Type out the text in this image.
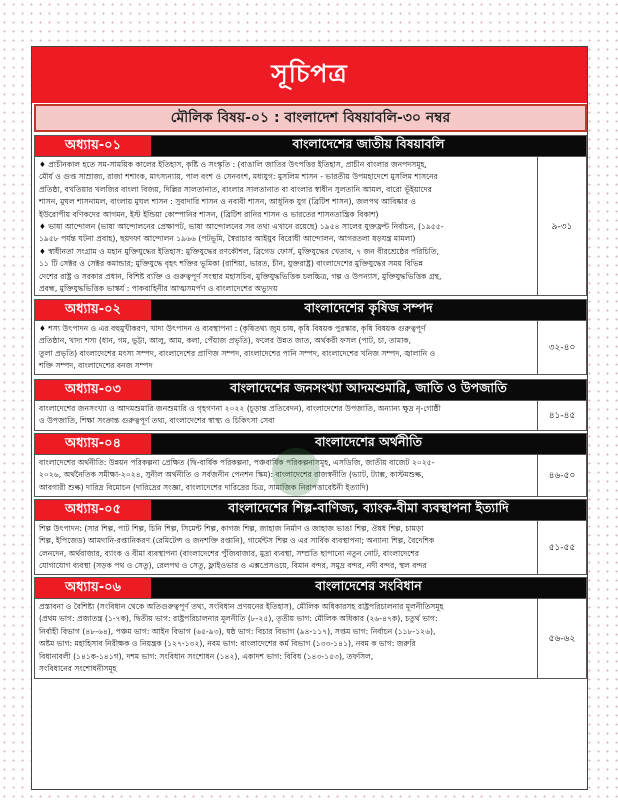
সূচিপত্র
মৌলিক বিষয়-০১ : বাংলাদেশ বিষয়াবলি-৩০ নম্বর
অধ্যায়-০১	বাংলাদেশের জাতীয় বিষয়াবলি

♦ প্রাচীনকাল হতে সম-সাময়িক কালের ইতিহাস, কৃষ্টি ও সংস্কৃতি : (বাঙালি জাতির উৎপত্তির ইতিহাস, প্রাচীন বাংলার জনপদসমূহ,

মৌর্য ও গুপ্ত সাম্রাজ্য, রাজা শশাংক, মাৎস্যন্যায়, পাল বংশ ও সেনবংশ, মধ্যযুগ: মুসলিম শাসন - ভারতীয় উপমহাদেশে মুসলিম শাসনের

প্রতিষ্ঠা, বখতিয়ার খলজির বাংলা বিজয়, দিল্লির সালতানাত, বাংলার সালতানাত বা বাংলার স্বাধীন সুলতানি আমল, বারো ভূঁইয়াদের

শাসন, মুঘল শাসনামল, বাংলায় মুঘল শাসন : সুবাদারি শাসন ও নবাবী শাসন, আধুনিক যুগ (ব্রিটিশ শাসন), জলপথ আবিষ্কার ও

ইউরোপীয় বণিকদের আগমন, ইস্ট ইন্ডিয়া কোম্পানির শাসন, (ব্রিটিশ রানির শাসন ও ভারতের শাসনতান্ত্রিক বিকাশ)

♦ ভাষা আন্দোলন (ভাষা আন্দোলনের প্রেক্ষাপট, ভাষা আন্দোলনের সব তথ্য এখানে রয়েছে) ১৯৫৪ সালের যুক্তফ্রন্ট নির্বাচন, (১৯৫৫-

১৯৫৮ পর্যন্ত ঘটনা প্রবাহ), ছয়দফা আন্দোলন ১৯৬৬ (পটভূমি, স্বৈরাচার আইয়ুব বিরোধী আন্দোলন, আগরতলা ষড়যন্ত্র মামলা)

♦ স্বাধীনতা সংগ্রাম ও মহান মুক্তিযুদ্ধের ইতিহাস: মুক্তিযুদ্ধের রণকৌশল, ব্রিগেড ফোর্স, মুক্তিযুদ্ধের খেতাব, ৭ জন বীরশ্রেষ্ঠের পরিচিতি,

১১ টি সেক্টর ও সেক্টর কমান্ডার; মুক্তিযুদ্ধে বৃহৎ শক্তির ভূমিকা (রাশিয়া, ভারত, চীন, যুক্তরাষ্ট্র) বাংলাদেশের মুক্তিযুদ্ধের সময় বিভিন্ন

দেশের রাষ্ট্র ও সরকার প্রধান, বিশিষ্ট ব্যক্তি ও গুরুত্বপূর্ণ সংস্থার মহাসচিব, মুক্তিযুদ্ধভিত্তিক চলচ্চিত্র, গল্প ও উপন্যাস, মুক্তিযুদ্ধভিত্তিক গ্রন্থ,

প্রবন্ধ, মুক্তিযুদ্ধভিত্তিক ভাস্কর্য : পাকবাহিনীর আত্মসমর্পণ ও বাংলাদেশের অভ্যুদয়

৯-৩১
অধ্যায়-০২	বাংলাদেশের কৃষিজ সম্পদ

♦ শস্য উৎপাদন ও এর বহুমুখীকরণ, খাদ্য উৎপাদন ও ব্যবস্থাপনা : (কৃষিতথ্য জুম চাষ, কৃষি বিষয়ক পুরস্কার, কৃষি বিষয়ক গুরুত্বপূর্ণ

প্রতিষ্ঠান, খাদ্য শস্য (ধান, গম, ভুট্টা, আলু, আম, কলা, পেঁয়াজ প্রভৃতি), ফলের উন্নত জাত, অর্থকরী ফসল (পাট, চা, তামাক,

তুলা প্রভৃতি) বাংলাদেশের মৎস্য সম্পদ, বাংলাদেশের প্রাণিজ সম্পদ, বাংলাদেশের পানি সম্পদ, বাংলাদেশের খনিজ সম্পদ, জ্বালানি ও

শক্তি সম্পদ, বাংলাদেশের বনজ সম্পদ

৩২-৪০
অধ্যায়-০৩	বাংলাদেশের জনসংখ্যা আদমশুমারি, জাতি ও উপজাতি

বাংলাদেশের জনসংখ্যা ও আদমশুমারি জনশুমারি ও গৃহগণনা ২০২২ (চূড়ান্ত প্রতিবেদন), বাংলাদেশের উপজাতি, অন্যান্য ক্ষুদ্র নৃ-গোষ্ঠী

ও উপজাতি, শিক্ষা সংক্রান্ত গুরুত্বপূর্ণ তথ্য, বাংলাদেশের স্বাস্থ্য ও চিকিৎসা সেবা	৪১-৪৫
অধ্যায়-০৪	বাংলাদেশের অর্থনীতি

বাংলাদেশের অর্থনীতি: উন্নয়ন পরিকল্পনা প্রেক্ষিত (দ্বি-বার্ষিক পরিকল্পনা, পঞ্চবার্ষিক পরিকল্পনাসমূহ, এসডিজি, জাতীয় বাজেট ২০২৫-

২০২৬, অর্থনৈতিক সমীক্ষা-২০২৪, সুনীল অর্থনীতি ও সর্বজনীন পেনশন স্কিম): বাংলাদেশের রাজস্বনীতি (ভ্যাট, ট্যাক্স, কাস্টমশুল্ক,

আবগারী শুল্ক) দারিদ্র বিমোচন (দারিদ্রের সংজ্ঞা, বাংলাদেশের দারিদ্রের চিত্র, সামাজিক নিরাপত্তাবেষ্টনী ইত্যাদি)

৪৬-৫০
অধ্যায়-০৫	বাংলাদেশের শিল্প-বাণিজ্য, ব্যাংক-বীমা ব্যবস্থাপনা ইত্যাদি

শিল্প উৎপাদন: (সার শিল্প, পাট শিল্প, চিনি শিল্প, সিমেন্ট শিল্প, কাগজ শিল্প, জাহাজ নির্মাণ ও জাহাজ ভাঙা শিল্প, ঔষধ শিল্প, চামড়া

শিল্প, ইপিজেড) আমদানি-রপ্তানিকরণ (রেমিটেন্স ও জনশক্তি রপ্তানি), গার্মেন্টস শিল্প ও এর সার্বিক ব্যবস্থাপনা; অন্যান্য শিল্প, বৈদেশিক

লেনদেন, অর্থবাজার, ব্যাংক ও বীমা ব্যবস্থাপনা (বাংলাদেশের পুঁজিবাজার, মুদ্রা ব্যবস্থা, সম্প্রতি ছাপানো নতুন নোট, বাংলাদেশের

যোগাযোগ ব্যবস্থা (সড়ক পথ ও সেতু), রেলপথ ও সেতু, ফ্লাইওভার ও এক্সপ্রেসওয়ে, বিমান বন্দর, সমুদ্র বন্দর, নদী বন্দর, স্থল বন্দর

৫১-৫৫
অধ্যায়-০৬	বাংলাদেশের সংবিধান

প্রস্তাবনা ও বৈশিষ্ট্য (সংবিধান থেকে অতিগুরুত্বপূর্ণ তথ্য, সংবিধান প্রণয়নের ইতিহাস), মৌলিক অধিকারসহ রাষ্ট্রপরিচালনার মূলনীতিসমূহ

(প্রথম ভাগ: প্রজাতন্ত্র (১-৭ক), দ্বিতীয় ভাগ: রাষ্ট্রপরিচালনার মূলনীতি (৮-২৫), তৃতীয় ভাগ: মৌলিক অধিকার (২৬-৪৭ক), চতুর্থ ভাগ:

নির্বাহী বিভাগ (৪৮-৬৪), পঞ্চম ভাগ: আইন বিভাগ (৬৫-৯৩), ষষ্ঠ ভাগ: বিচার বিভাগ (৯৪-১১৭), সপ্তম ভাগ: নির্বাচন (১১৮-১২৬),

অষ্টম ভাগ: মহাহিসাব নিরীক্ষক ও নিয়ন্ত্রক (১২৭-১৩২), নবম ভাগ: বাংলাদেশের কর্ম বিভাগ (১৩৩-১৪১), নবম ক ভাগ: জরুরি

বিধানাবলী (১৪১ক-১৪১গ), দশম ভাগ: সংবিধান সংশোধন (১৪২), একাদশ ভাগ: বিবিধ (১৪৩-১৫৩), তফসিল,

সংবিধানের সংশোধনীসমূহ

৫৬-৬২
